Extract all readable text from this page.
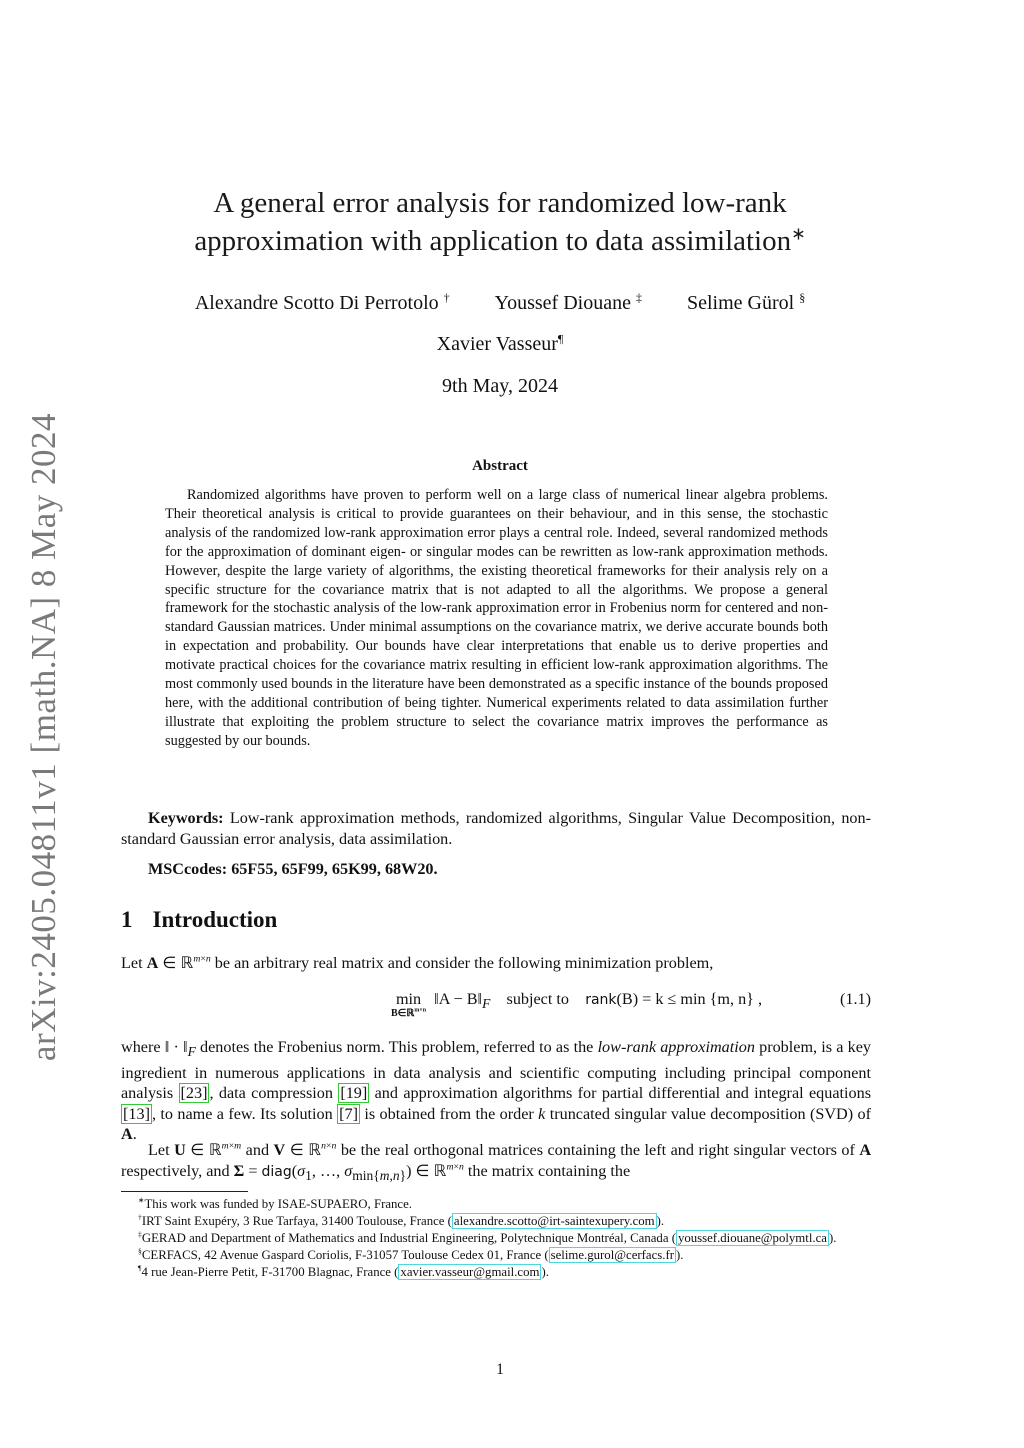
arXiv:2405.04811v1 [math.NA] 8 May 2024
A general error analysis for randomized low-rank
approximation with application to data assimilation∗
Alexandre Scotto Di Perrotolo † Youssef Diouane ‡ Selime Gürol §
Xavier Vasseur¶
9th May, 2024
Abstract

Randomized algorithms have proven to perform well on a large class of numerical linear algebra problems. Their theoretical analysis is critical to provide guarantees on their behaviour, and in this sense, the stochastic analysis of the randomized low-rank approximation error plays a central role. Indeed, several randomized methods for the approximation of dominant eigen- or singular modes can be rewritten as low-rank approximation methods. However, despite the large variety of algorithms, the existing theoretical frameworks for their analysis rely on a specific structure for the covariance matrix that is not adapted to all the algorithms. We propose a general framework for the stochastic analysis of the low-rank approximation error in Frobenius norm for centered and non-standard Gaussian matrices. Under minimal assumptions on the covariance matrix, we derive accurate bounds both in expectation and probability. Our bounds have clear interpretations that enable us to derive properties and motivate practical choices for the covariance matrix resulting in efficient low-rank approximation algorithms. The most commonly used bounds in the literature have been demonstrated as a specific instance of the bounds proposed here, with the additional contribution of being tighter. Numerical experiments related to data assimilation further illustrate that exploiting the problem structure to select the covariance matrix improves the performance as suggested by our bounds.

Keywords: Low-rank approximation methods, randomized algorithms, Singular Value Decomposition, non-standard Gaussian error analysis, data assimilation.

MSCcodes: 65F55, 65F99, 65K99, 68W20.

1 Introduction

Let A ∈ ℝ$^{m\times n}$ be an arbitrary real matrix and consider the following minimization problem,

min
B∈ℝ$^{m\times n}$
‖A − $B‖_F$ subject to rank(B) = k ≤ min {m, n} ,	(1.1)

where ‖ · $‖_F$ denotes the Frobenius norm. This problem, referred to as the low-rank approximation problem, is a key ingredient in numerous applications in data analysis and scientific computing including principal component analysis [23] , data compression [19] and approximation algorithms for partial differential and integral equations [13] , to name a few. Its solution [7] is obtained from the order k truncated singular value decomposition (SVD) of A.

Let U ∈ ℝ$^{m\times m}$ and V ∈ ℝ$^{n\times n}$ be the real orthogonal matrices containing the left and right singular vectors of A respectively, and $\Sigma = diag(\sigma_1$, …, $\sigma_{min\{m,n\}}$) ∈ ℝ$^{m\times n}$ the matrix containing the

∗This work was funded by ISAE-SUPAERO, France.

†IRT Saint Exupéry, 3 Rue Tarfaya, 31400 Toulouse, France ( alexandre.scotto@irt-saintexupery.com ).

‡GERAD and Department of Mathematics and Industrial Engineering, Polytechnique Montréal, Canada ( youssef.diouane@polymtl.ca ).

§CERFACS, 42 Avenue Gaspard Coriolis, F-31057 Toulouse Cedex 01, France ( selime.gurol@cerfacs.fr ).

¶4 rue Jean-Pierre Petit, F-31700 Blagnac, France ( xavier.vasseur@gmail.com ).

1
